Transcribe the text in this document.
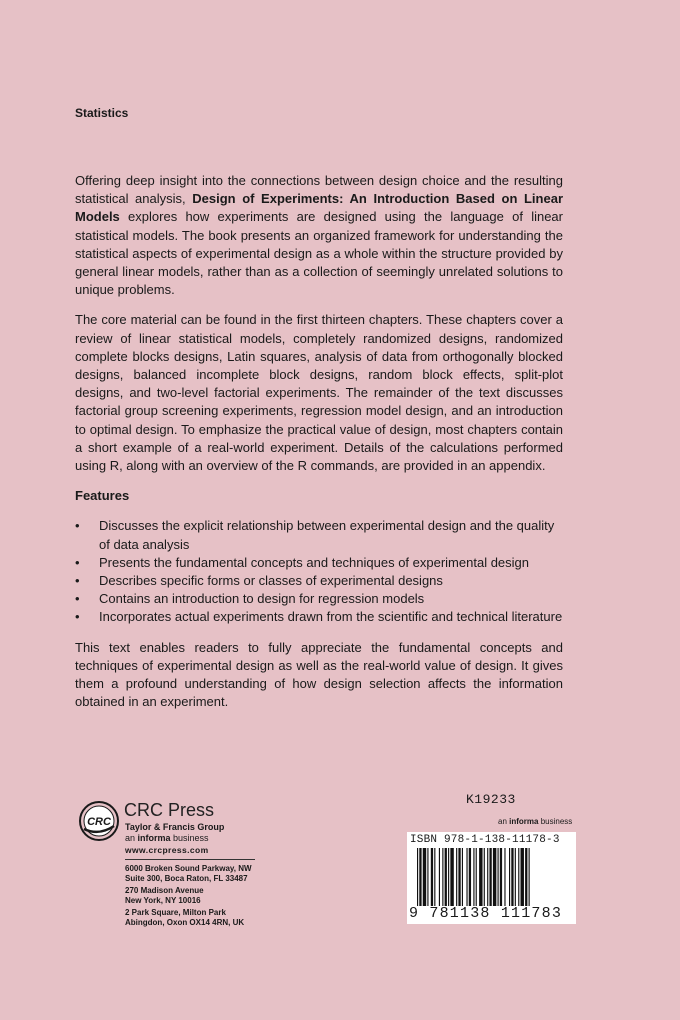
Statistics

Offering deep insight into the connections between design choice and the resulting statistical analysis, Design of Experiments: An Introduction Based on Linear Models explores how experiments are designed using the language of linear statistical models. The book presents an organized framework for understanding the statistical aspects of experimental design as a whole within the structure provided by general linear models, rather than as a collection of seemingly unrelated solutions to unique problems.

The core material can be found in the first thirteen chapters. These chapters cover a review of linear statistical models, completely randomized designs, randomized complete blocks designs, Latin squares, analysis of data from orthogonally blocked designs, balanced incomplete block designs, random block effects, split-plot designs, and two-level factorial experiments. The remainder of the text discusses factorial group screening experiments, regression model design, and an introduction to optimal design. To emphasize the practical value of design, most chapters contain a short example of a real-world experiment. Details of the calculations performed using R, along with an overview of the R commands, are provided in an appendix.

Features

• Discusses the explicit relationship between experimental design and the quality of data analysis
• Presents the fundamental concepts and techniques of experimental design
• Describes specific forms or classes of experimental designs
• Contains an introduction to design for regression models
• Incorporates actual experiments drawn from the scientific and technical literature

This text enables readers to fully appreciate the fundamental concepts and techniques of experimental design as well as the real-world value of design. It gives them a profound understanding of how design selection affects the information obtained in an experiment.

CRC
CRC Press
Taylor & Francis Group
an informa business
www.crcpress.com
6000 Broken Sound Parkway, NW
Suite 300, Boca Raton, FL 33487
270 Madison Avenue
New York, NY 10016
2 Park Square, Milton Park
Abingdon, Oxon OX14 4RN, UK
K19233
an informa business
ISBN 978-1-138-11178-3
9 781138 111783
